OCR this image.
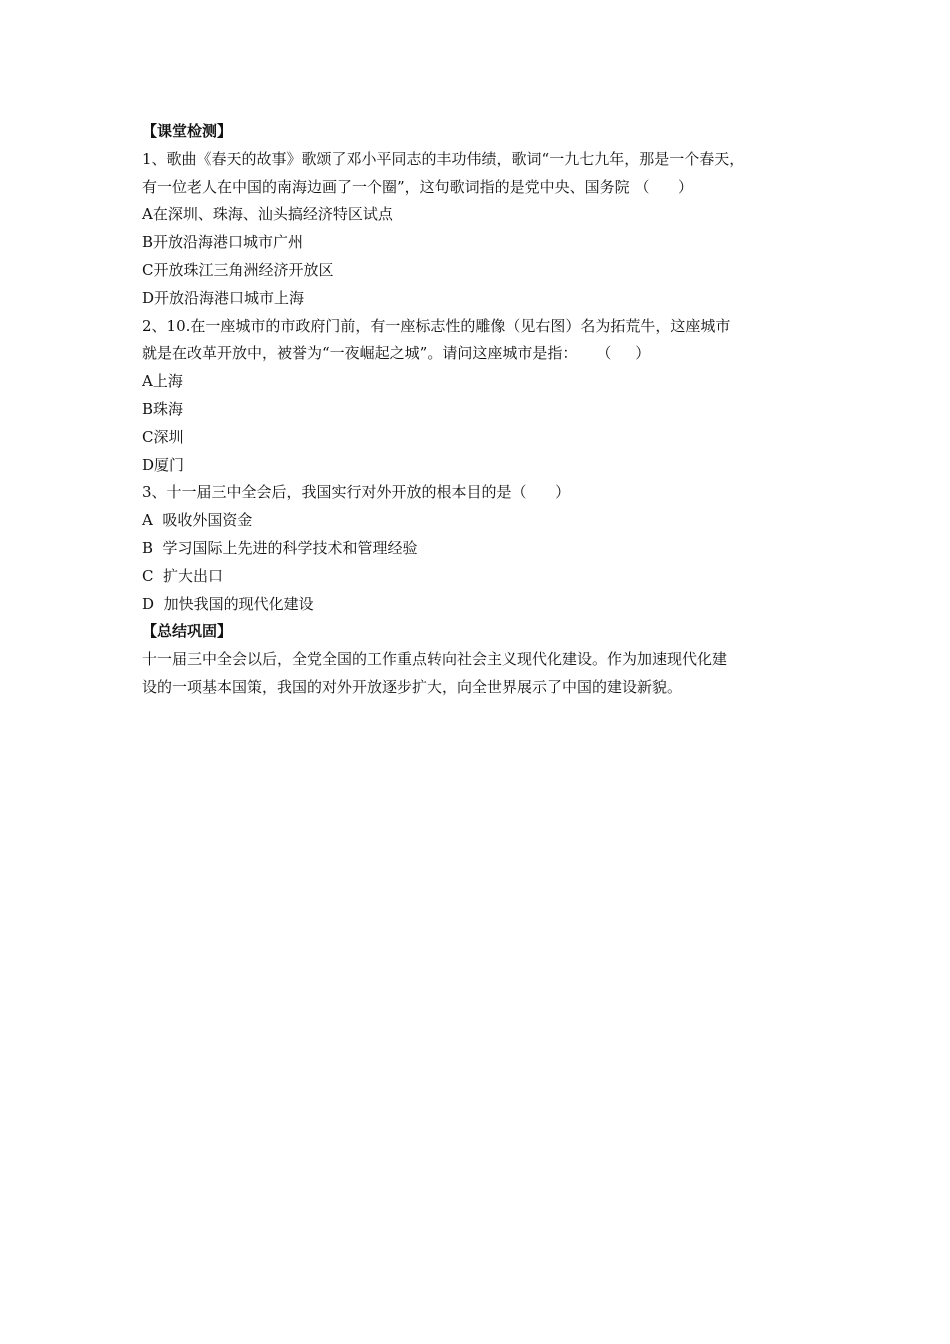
【课堂检测】
1、歌曲《春天的故事》歌颂了邓小平同志的丰功伟绩，歌词“一九七九年，那是一个春天，
有一位老人在中国的南海边画了一个圈”，这句歌词指的是党中央、国务院 （      ）
A在深圳、珠海、汕头搞经济特区试点
B开放沿海港口城市广州
C开放珠江三角洲经济开放区
D开放沿海港口城市上海
2、10.在一座城市的市政府门前，有一座标志性的雕像（见右图）名为拓荒牛，这座城市
就是在改革开放中，被誉为“一夜崛起之城”。请问这座城市是指：    （     ）
A上海
B珠海
C深圳
D厦门
3、十一届三中全会后，我国实行对外开放的根本目的是（      ）
A  吸收外国资金
B  学习国际上先进的科学技术和管理经验
C  扩大出口
D  加快我国的现代化建设
【总结巩固】
十一届三中全会以后，全党全国的工作重点转向社会主义现代化建设。作为加速现代化建
设的一项基本国策，我国的对外开放逐步扩大，向全世界展示了中国的建设新貌。
